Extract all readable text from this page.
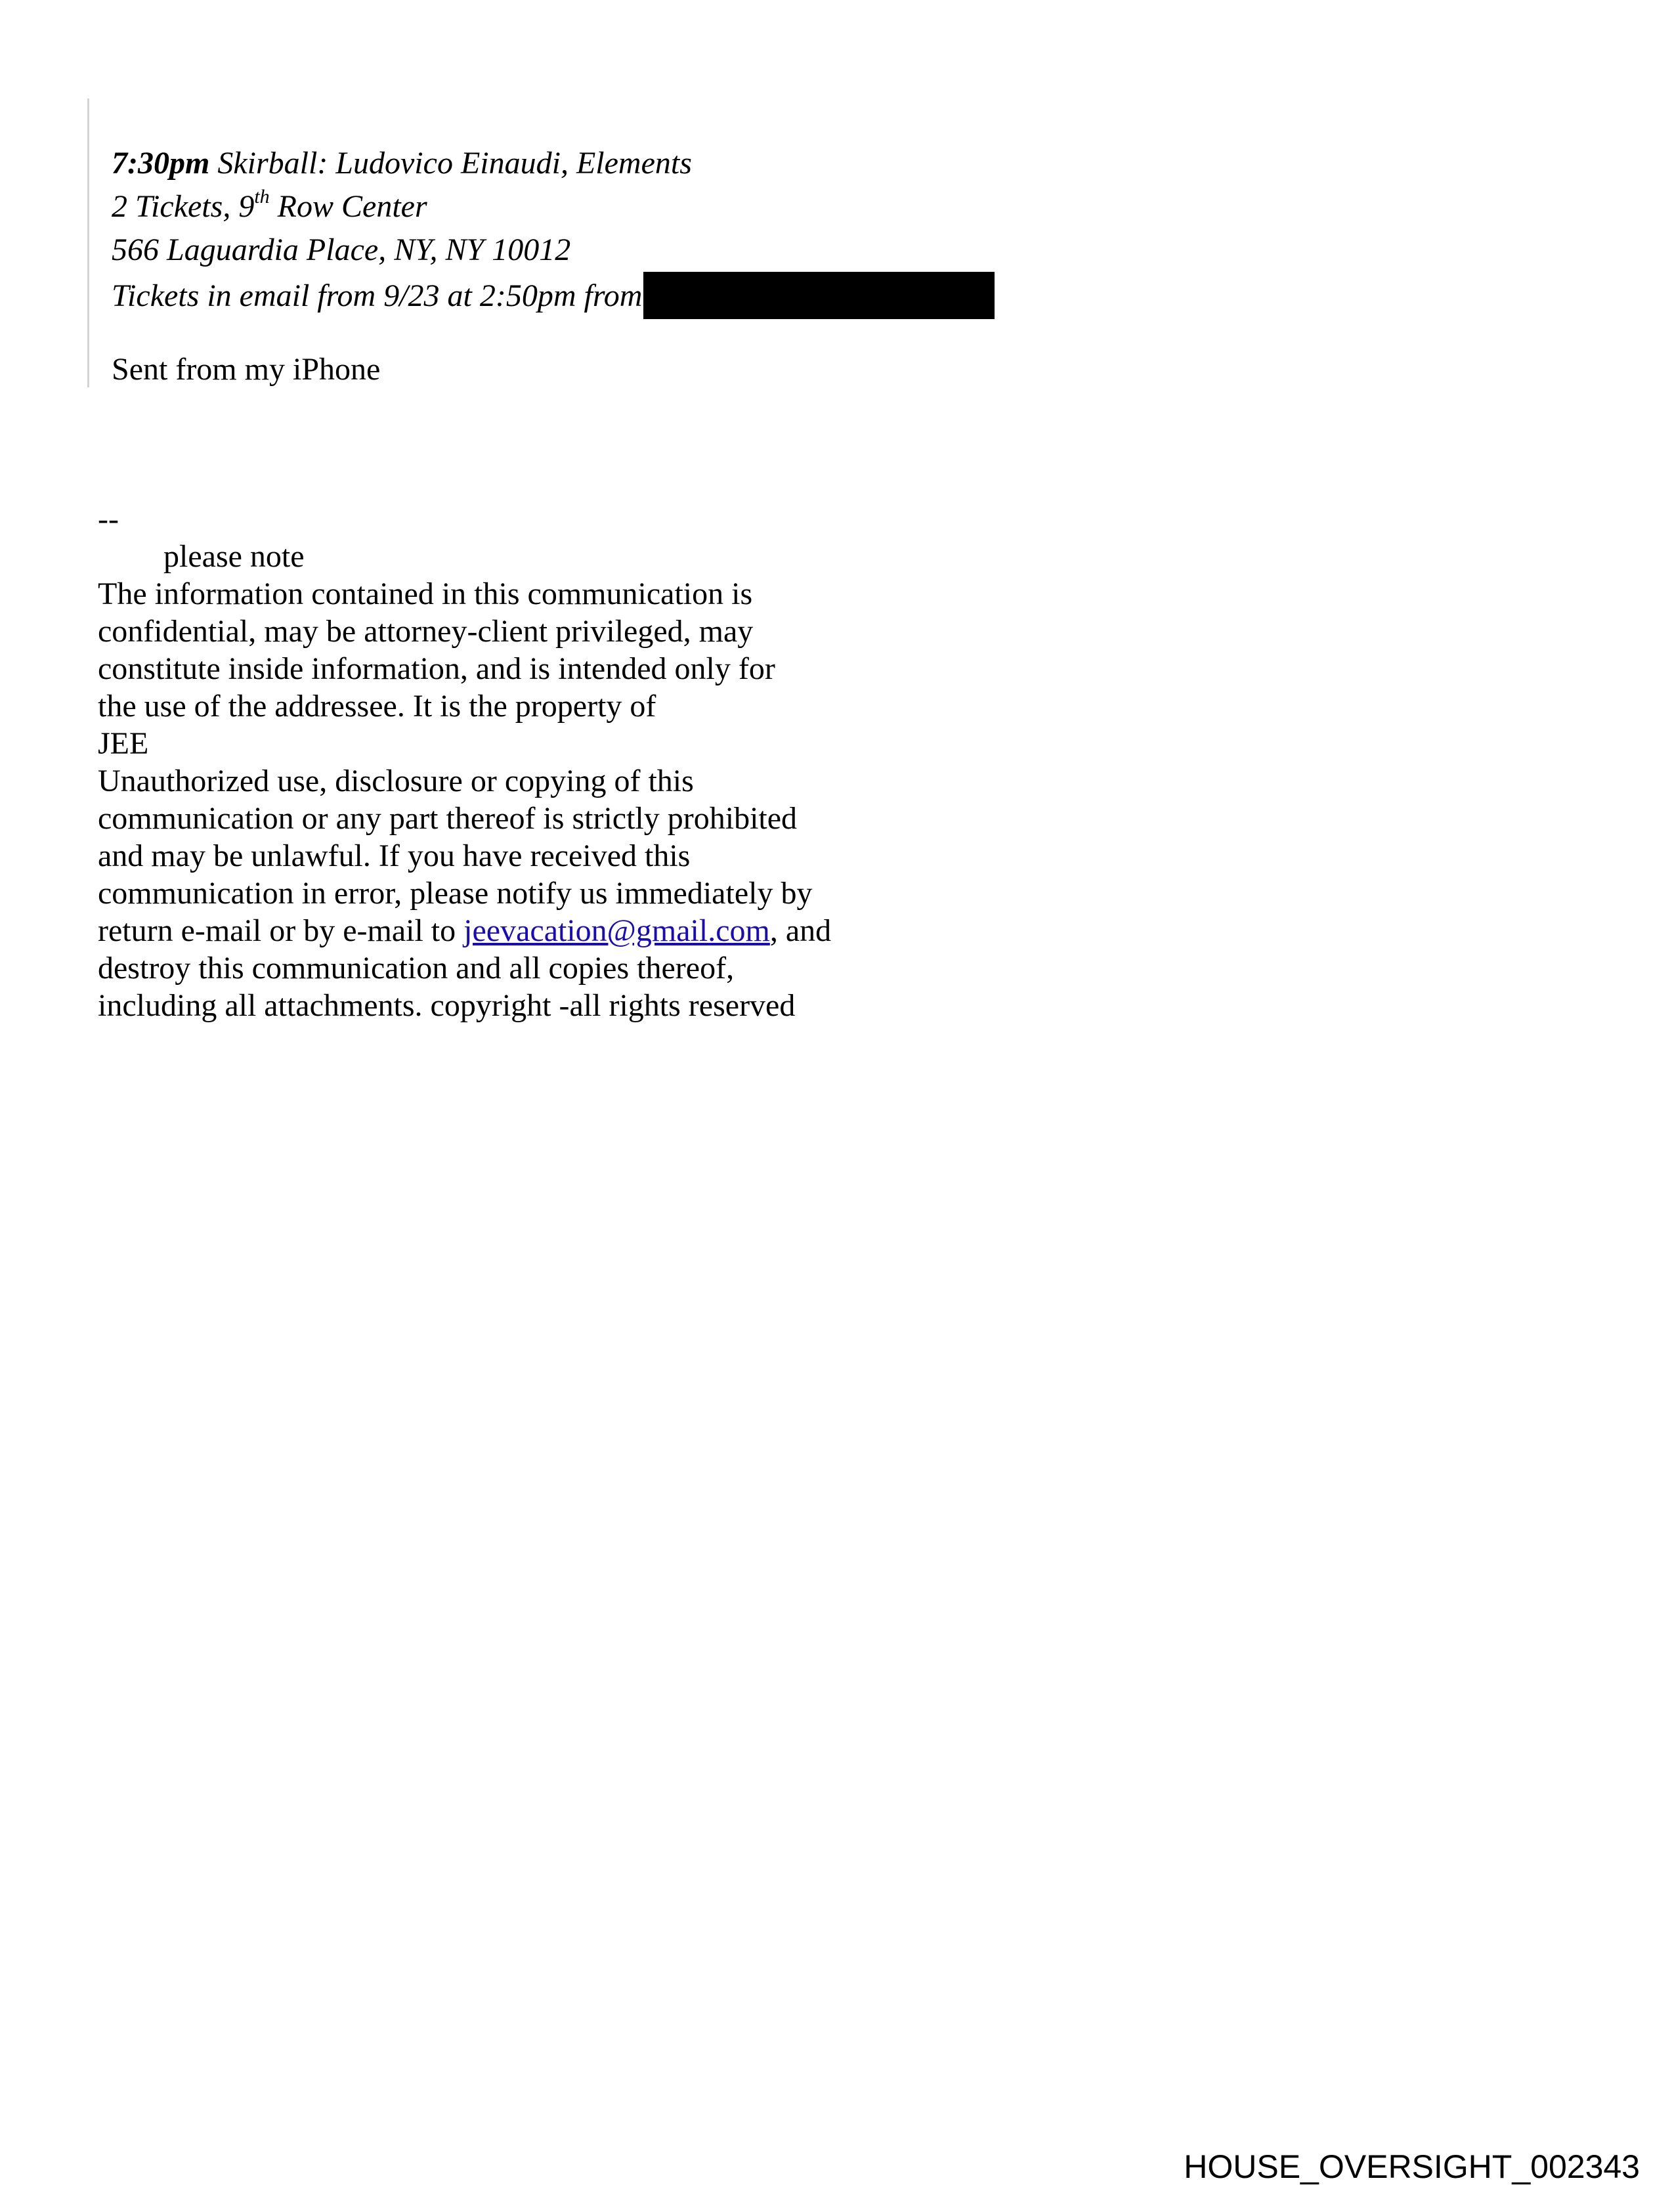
7:30pm Skirball: Ludovico Einaudi, Elements
2 Tickets, 9th Row Center
566 Laguardia Place, NY, NY 10012
Tickets in email from 9/23 at 2:50pm from
Sent from my iPhone
--
please note
The information contained in this communication is
confidential, may be attorney-client privileged, may
constitute inside information, and is intended only for
the use of the addressee. It is the property of
JEE
Unauthorized use, disclosure or copying of this
communication or any part thereof is strictly prohibited
and may be unlawful. If you have received this
communication in error, please notify us immediately by
return e-mail or by e-mail to jeevacation@gmail.com, and
destroy this communication and all copies thereof,
including all attachments. copyright -all rights reserved
HOUSE_OVERSIGHT_002343
